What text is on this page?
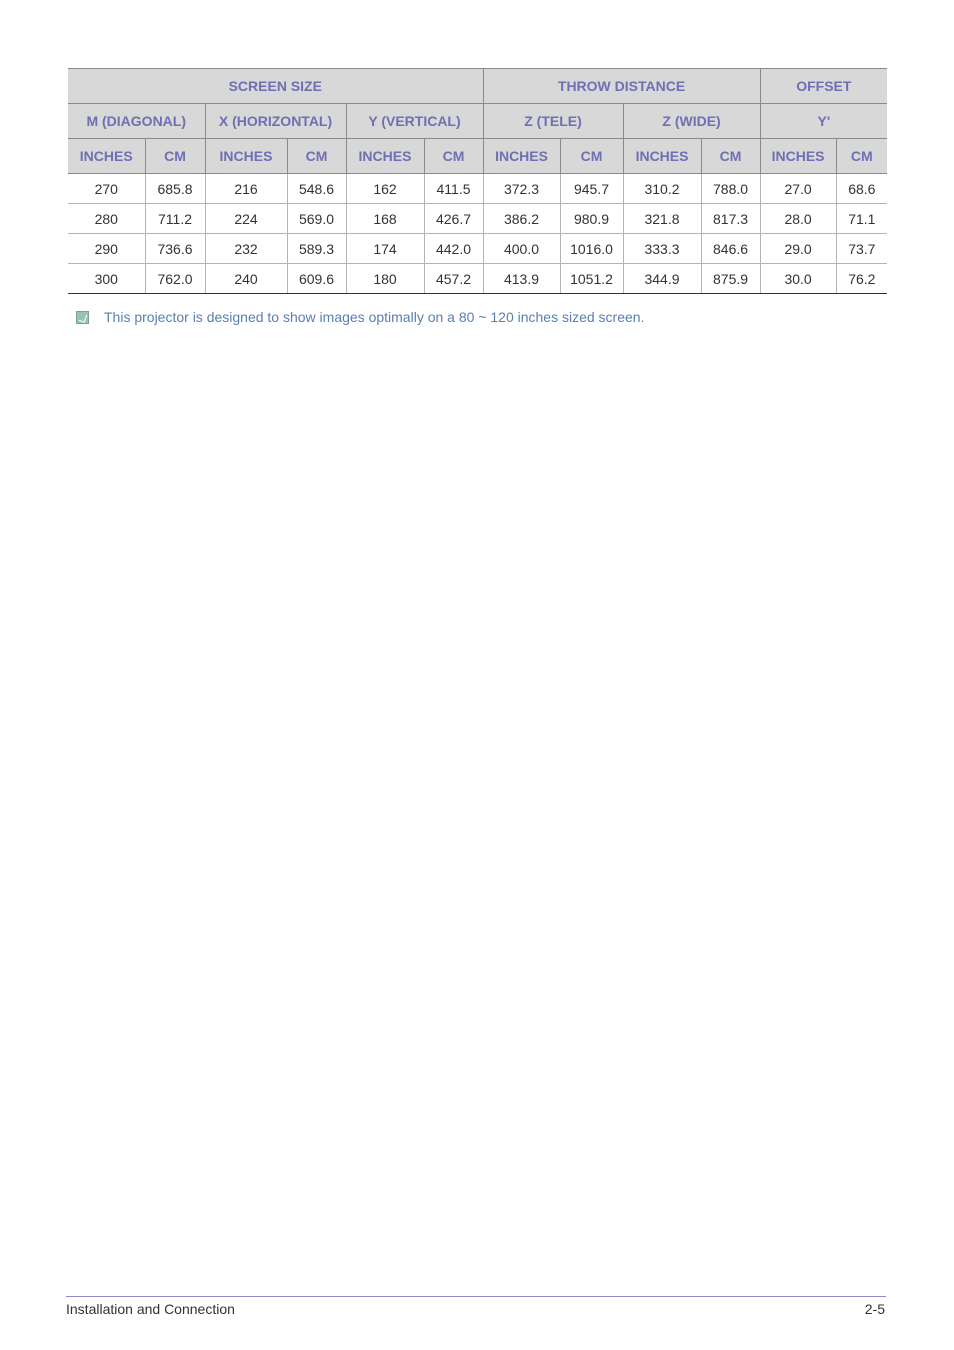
SCREEN SIZE						THROW DISTANCE				OFFSET	
M (DIAGONAL)		X (HORIZONTAL)		Y (VERTICAL)		Z (TELE)		Z (WIDE)		Y'	
INCHES	CM	INCHES	CM	INCHES	CM	INCHES	CM	INCHES	CM	INCHES	CM
270	685.8	216	548.6	162	411.5	372.3	945.7	310.2	788.0	27.0	68.6
280	711.2	224	569.0	168	426.7	386.2	980.9	321.8	817.3	28.0	71.1
290	736.6	232	589.3	174	442.0	400.0	1016.0	333.3	846.6	29.0	73.7
300	762.0	240	609.6	180	457.2	413.9	1051.2	344.9	875.9	30.0	76.2
This projector is designed to show images optimally on a 80 ~ 120 inches sized screen.
Installation and Connection	2-5
